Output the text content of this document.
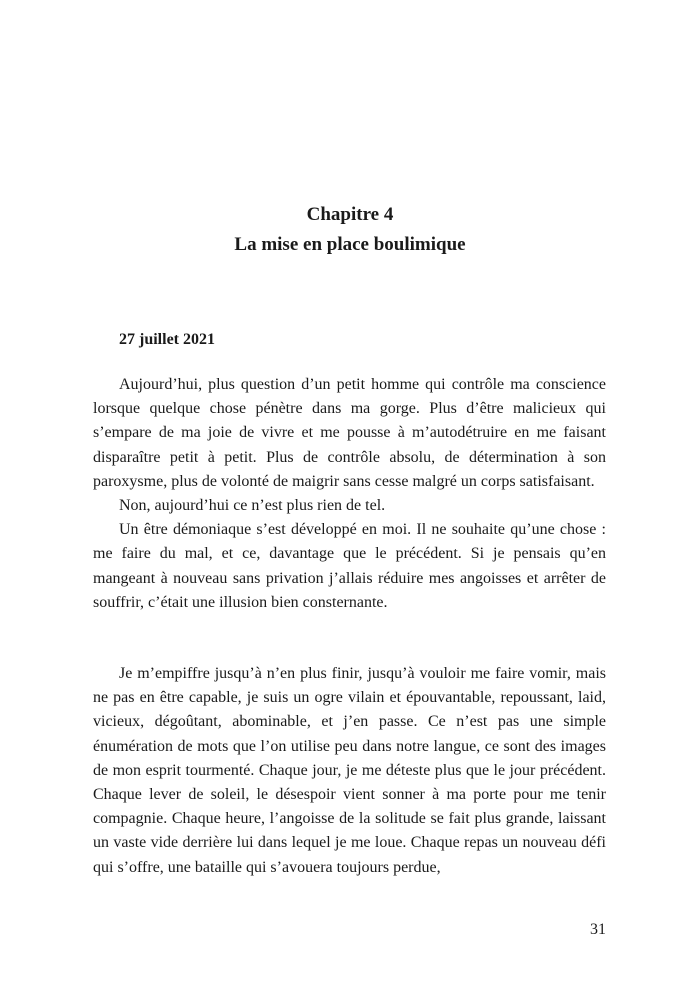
Chapitre 4
La mise en place boulimique
27 juillet 2021

Aujourd’hui, plus question d’un petit homme qui contrôle ma conscience lorsque quelque chose pénètre dans ma gorge. Plus d’être malicieux qui s’empare de ma joie de vivre et me pousse à m’autodétruire en me faisant disparaître petit à petit. Plus de contrôle absolu, de détermination à son paroxysme, plus de volonté de maigrir sans cesse malgré un corps satisfaisant.

Non, aujourd’hui ce n’est plus rien de tel.

Un être démoniaque s’est développé en moi. Il ne souhaite qu’une chose : me faire du mal, et ce, davantage que le précédent. Si je pensais qu’en mangeant à nouveau sans privation j’allais réduire mes angoisses et arrêter de souffrir, c’était une illusion bien consternante.

Je m’empiffre jusqu’à n’en plus finir, jusqu’à vouloir me faire vomir, mais ne pas en être capable, je suis un ogre vilain et épouvantable, repoussant, laid, vicieux, dégoûtant, abominable, et j’en passe. Ce n’est pas une simple énumération de mots que l’on utilise peu dans notre langue, ce sont des images de mon esprit tourmenté. Chaque jour, je me déteste plus que le jour précédent. Chaque lever de soleil, le désespoir vient sonner à ma porte pour me tenir compagnie. Chaque heure, l’angoisse de la solitude se fait plus grande, laissant un vaste vide derrière lui dans lequel je me loue. Chaque repas un nouveau défi qui s’offre, une bataille qui s’avouera toujours perdue,

31
